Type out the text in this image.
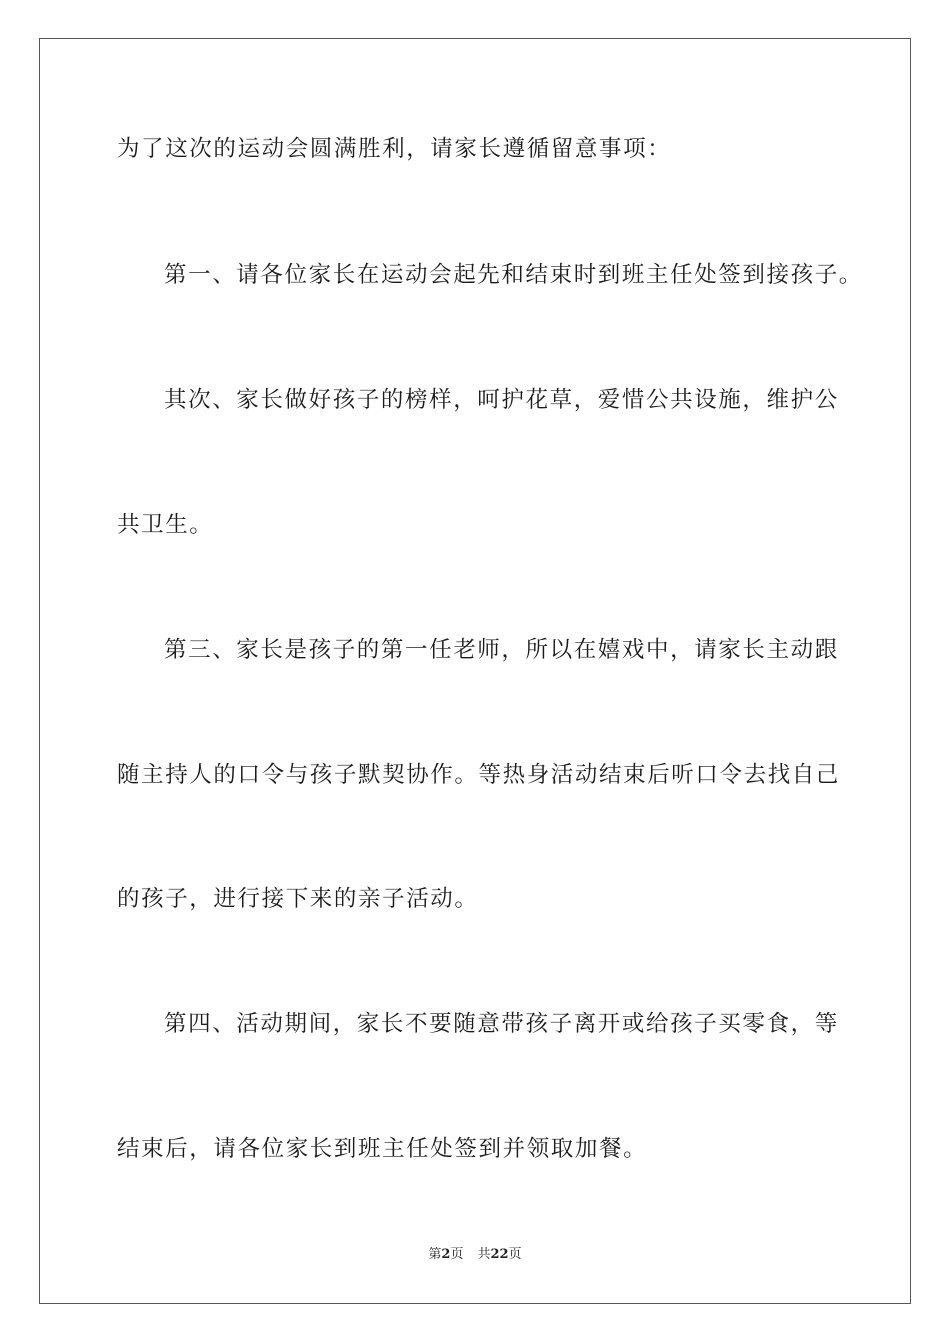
为了这次的运动会圆满胜利，请家长遵循留意事项：
第一、请各位家长在运动会起先和结束时到班主任处签到接孩子。
其次、家长做好孩子的榜样，呵护花草，爱惜公共设施，维护公
共卫生。
第三、家长是孩子的第一任老师，所以在嬉戏中，请家长主动跟
随主持人的口令与孩子默契协作。等热身活动结束后听口令去找自己
的孩子，进行接下来的亲子活动。
第四、活动期间，家长不要随意带孩子离开或给孩子买零食，等
结束后，请各位家长到班主任处签到并领取加餐。
第2页 共22页
